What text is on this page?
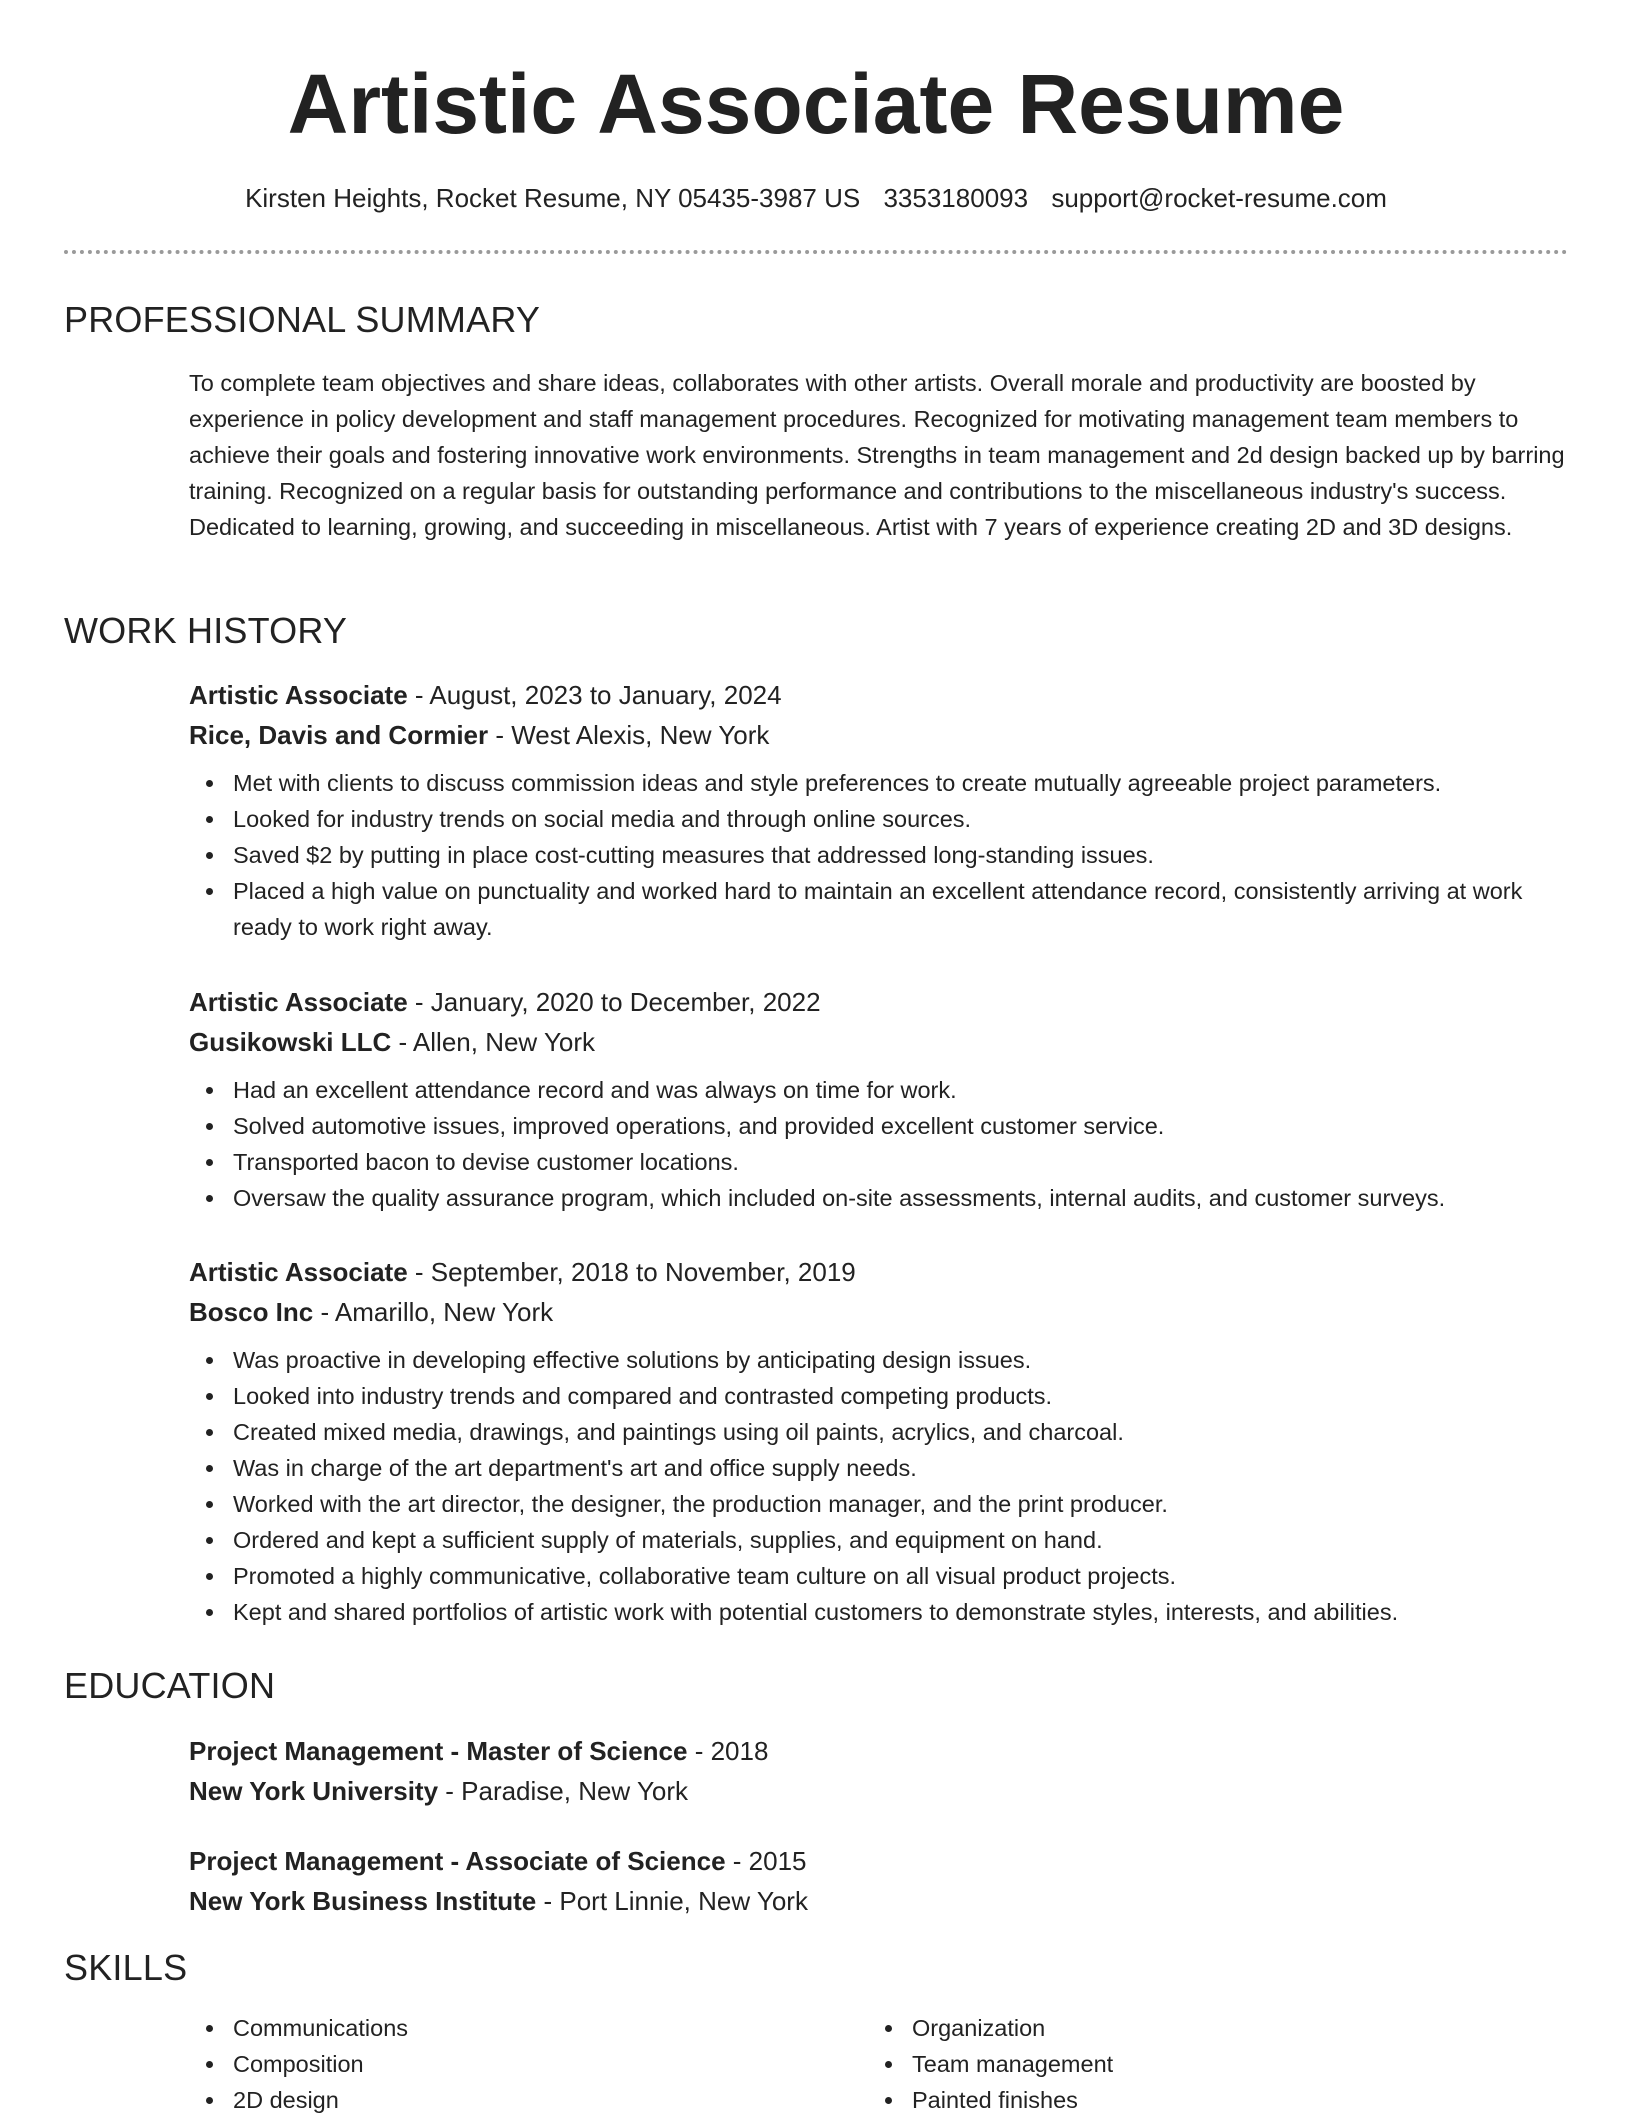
Artistic Associate Resume
Kirsten Heights, Rocket Resume, NY 05435-3987 US 3353180093 support@rocket-resume.com
PROFESSIONAL SUMMARY

To complete team objectives and share ideas, collaborates with other artists. Overall morale and productivity are boosted by experience in policy development and staff management procedures. Recognized for motivating management team members to achieve their goals and fostering innovative work environments. Strengths in team management and 2d design backed up by barring training. Recognized on a regular basis for outstanding performance and contributions to the miscellaneous industry's success. Dedicated to learning, growing, and succeeding in miscellaneous. Artist with 7 years of experience creating 2D and 3D designs.

WORK HISTORY
Artistic Associate - August, 2023 to January, 2024
Rice, Davis and Cormier - West Alexis, New York
Met with clients to discuss commission ideas and style preferences to create mutually agreeable project parameters.
Looked for industry trends on social media and through online sources.
Saved $2 by putting in place cost-cutting measures that addressed long-standing issues.
Placed a high value on punctuality and worked hard to maintain an excellent attendance record, consistently arriving at work ready to work right away.
Artistic Associate - January, 2020 to December, 2022
Gusikowski LLC - Allen, New York
Had an excellent attendance record and was always on time for work.
Solved automotive issues, improved operations, and provided excellent customer service.
Transported bacon to devise customer locations.
Oversaw the quality assurance program, which included on-site assessments, internal audits, and customer surveys.
Artistic Associate - September, 2018 to November, 2019
Bosco Inc - Amarillo, New York
Was proactive in developing effective solutions by anticipating design issues.
Looked into industry trends and compared and contrasted competing products.
Created mixed media, drawings, and paintings using oil paints, acrylics, and charcoal.
Was in charge of the art department's art and office supply needs.
Worked with the art director, the designer, the production manager, and the print producer.
Ordered and kept a sufficient supply of materials, supplies, and equipment on hand.
Promoted a highly communicative, collaborative team culture on all visual product projects.
Kept and shared portfolios of artistic work with potential customers to demonstrate styles, interests, and abilities.
EDUCATION
Project Management - Master of Science - 2018
New York University - Paradise, New York
Project Management - Associate of Science - 2015
New York Business Institute - Port Linnie, New York
SKILLS
Communications
Composition
2D design
Organization
Team management
Painted finishes
